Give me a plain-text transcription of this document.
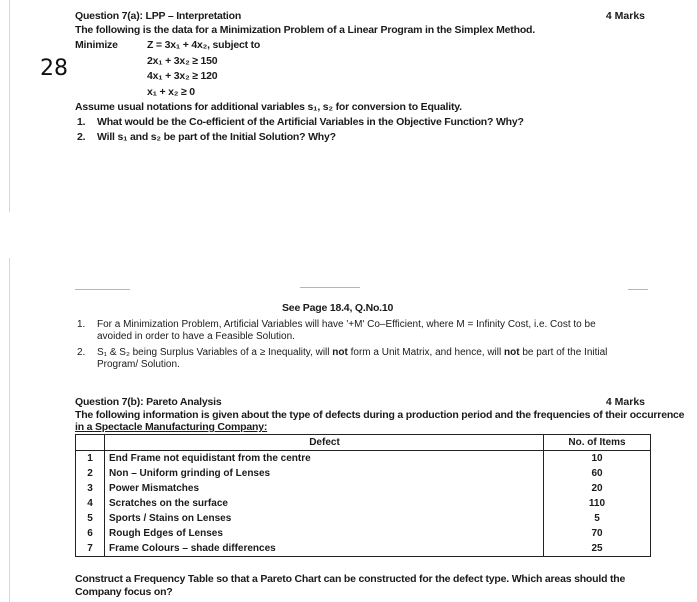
28
Question 7(a): LPP – Interpretation	4 Marks
The following is the data for a Minimization Problem of a Linear Program in the Simplex Method.
Minimize	Z = 3x₁ + 4x₂, subject to
2x₁ + 3x₂ ≥ 150
4x₁ + 3x₂ ≥ 120
x₁ + x₂ ≥ 0
Assume usual notations for additional variables s₁, s₂ for conversion to Equality.
1. What would be the Co-efficient of the Artificial Variables in the Objective Function? Why?
2. Will s₁ and s₂ be part of the Initial Solution? Why?
See Page 18.4, Q.No.10
1. For a Minimization Problem, Artificial Variables will have '+M' Co–Efficient, where M = Infinity Cost, i.e. Cost to be
avoided in order to have a Feasible Solution.
2. S₁ & S₂ being Surplus Variables of a ≥ Inequality, will not form a Unit Matrix, and hence, will not be part of the Initial
Program/ Solution.
Question 7(b): Pareto Analysis	4 Marks
The following information is given about the type of defects during a production period and the frequencies of their occurrence
in a Spectacle Manufacturing Company:
	Defect	No. of Items
1	End Frame not equidistant from the centre	10
2	Non – Uniform grinding of Lenses	60
3	Power Mismatches	20
4	Scratches on the surface	110
5	Sports / Stains on Lenses	5
6	Rough Edges of Lenses	70
7	Frame Colours – shade differences	25
Construct a Frequency Table so that a Pareto Chart can be constructed for the defect type. Which areas should the
Company focus on?
